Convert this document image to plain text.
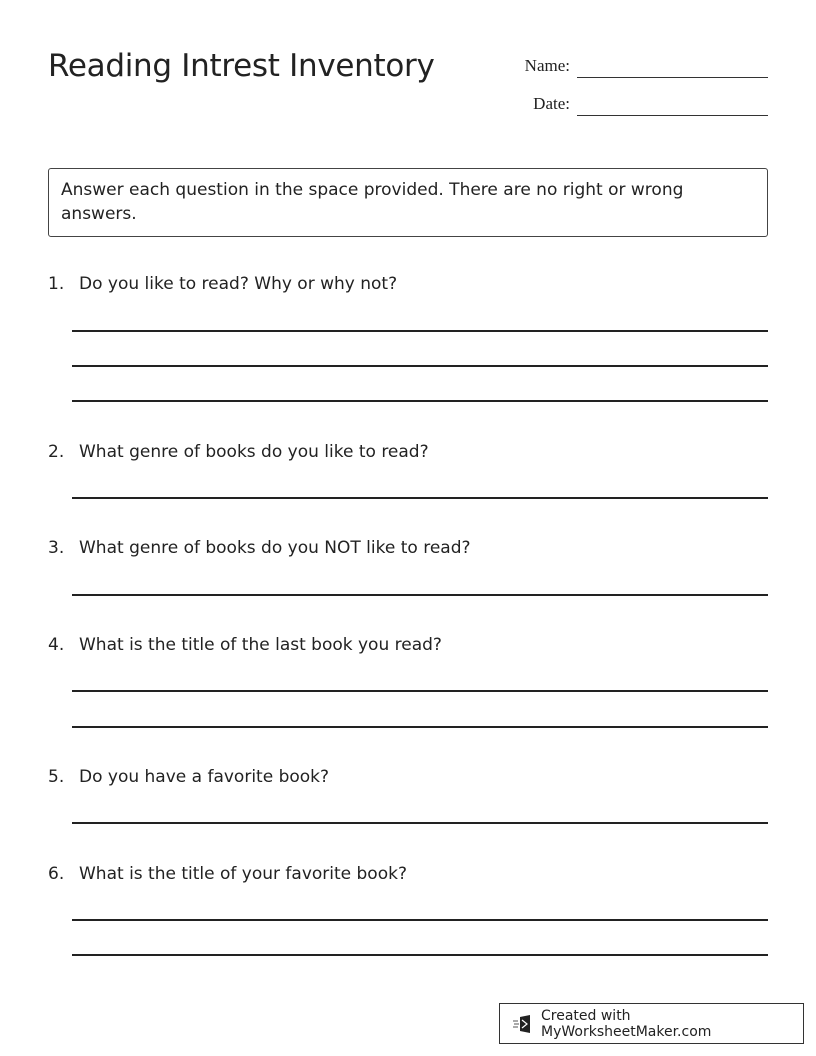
Reading Intrest Inventory	Name:
Date:
Answer each question in the space provided. There are no right or wrong answers.
1. Do you like to read? Why or why not?
2. What genre of books do you like to read?
3. What genre of books do you NOT like to read?
4. What is the title of the last book you read?
5. Do you have a favorite book?
6. What is the title of your favorite book?
Created with MyWorksheetMaker.com
